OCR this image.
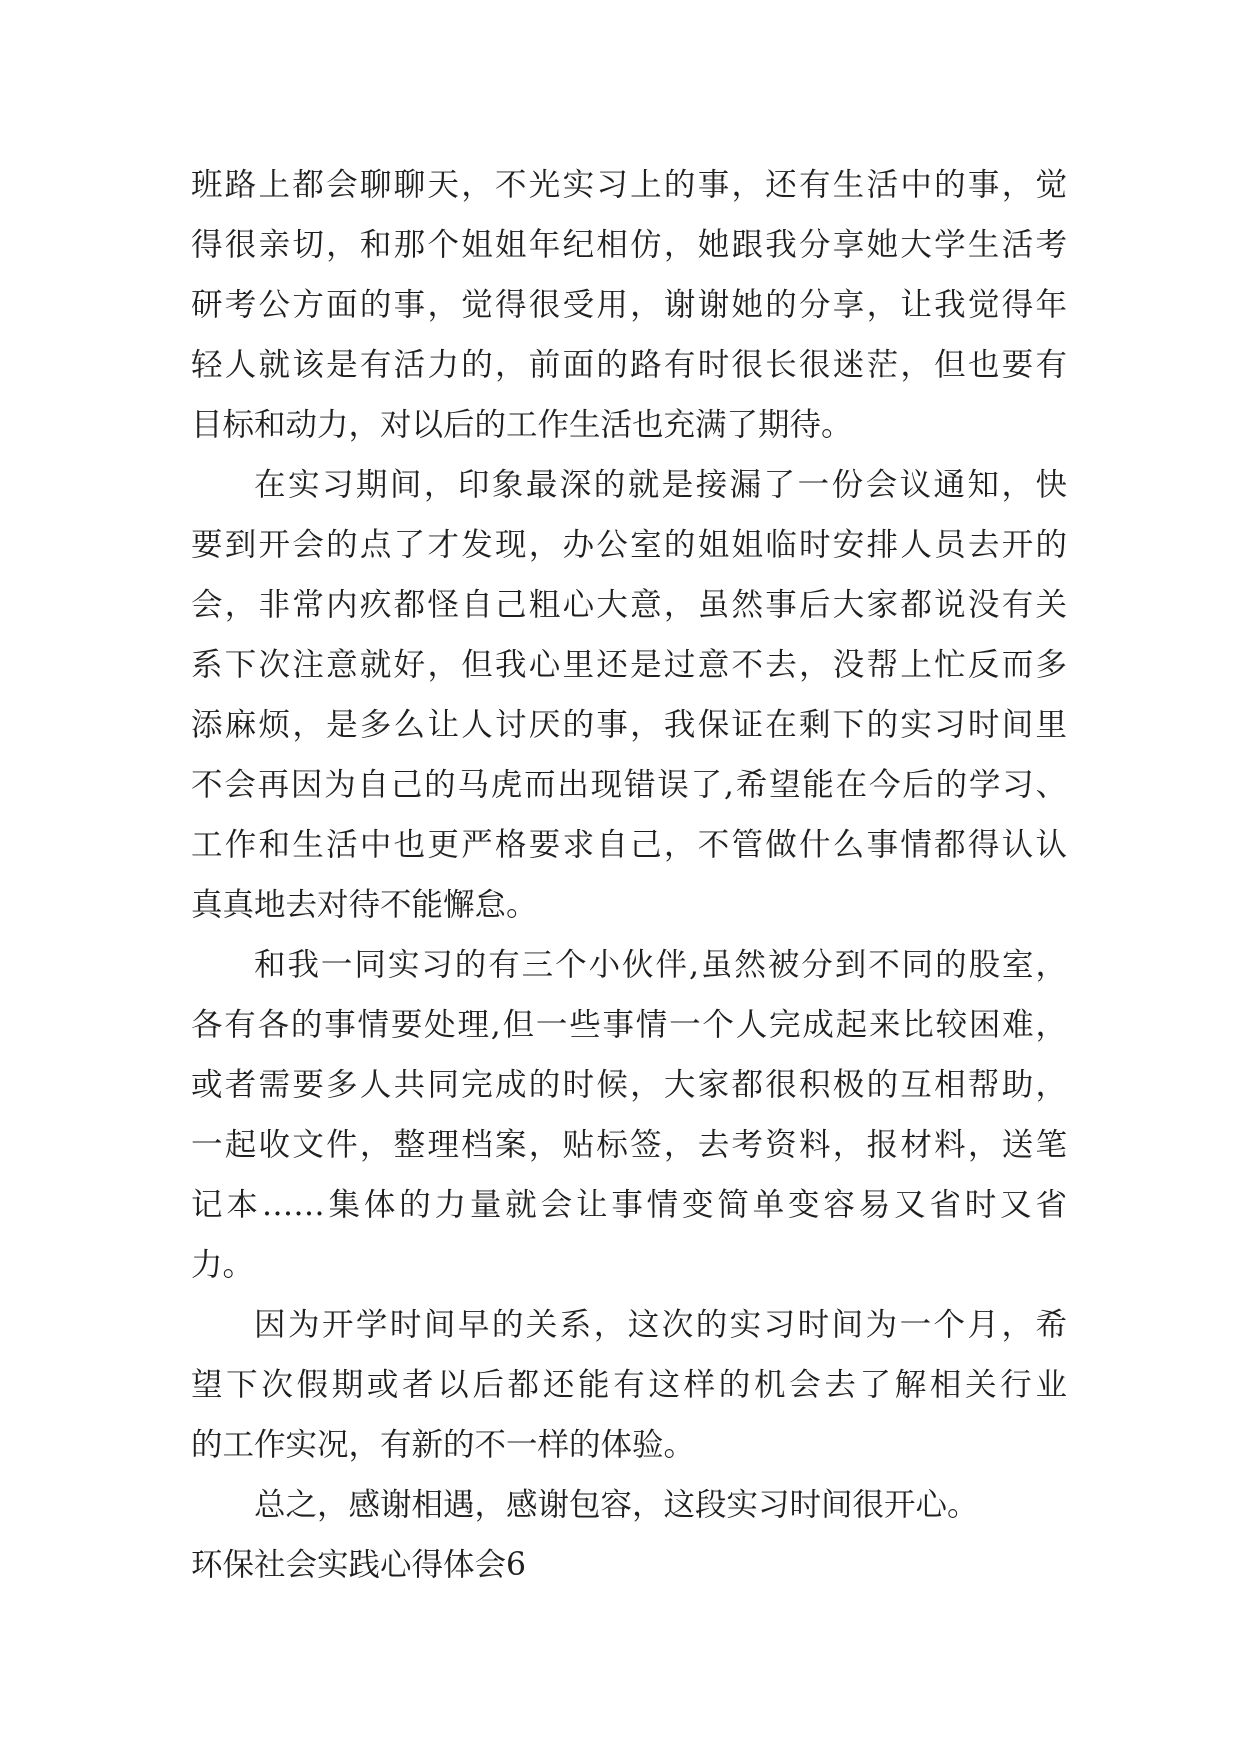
班路上都会聊聊天，不光实习上的事，还有生活中的事，觉
得很亲切，和那个姐姐年纪相仿，她跟我分享她大学生活考
研考公方面的事，觉得很受用，谢谢她的分享，让我觉得年
轻人就该是有活力的，前面的路有时很长很迷茫，但也要有
目标和动力，对以后的工作生活也充满了期待。
在实习期间，印象最深的就是接漏了一份会议通知，快
要到开会的点了才发现，办公室的姐姐临时安排人员去开的
会，非常内疚都怪自己粗心大意，虽然事后大家都说没有关
系下次注意就好，但我心里还是过意不去，没帮上忙反而多
添麻烦，是多么让人讨厌的事，我保证在剩下的实习时间里
不会再因为自己的马虎而出现错误了,希望能在今后的学习、
工作和生活中也更严格要求自己，不管做什么事情都得认认
真真地去对待不能懈怠。
和我一同实习的有三个小伙伴,虽然被分到不同的股室，
各有各的事情要处理,但一些事情一个人完成起来比较困难，
或者需要多人共同完成的时候，大家都很积极的互相帮助，
一起收文件，整理档案，贴标签，去考资料，报材料，送笔
记本……集体的力量就会让事情变简单变容易又省时又省
力。
因为开学时间早的关系，这次的实习时间为一个月，希
望下次假期或者以后都还能有这样的机会去了解相关行业
的工作实况，有新的不一样的体验。
总之，感谢相遇，感谢包容，这段实习时间很开心。
环保社会实践心得体会6
